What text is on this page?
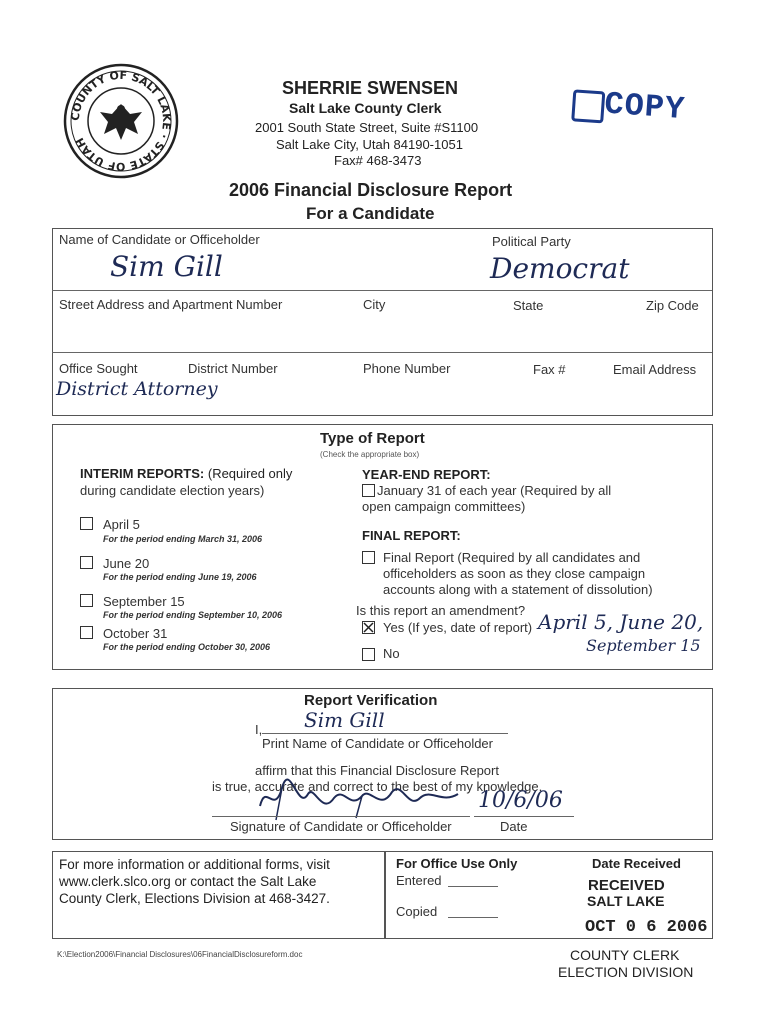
COUNTY OF SALT LAKE · STATE OF UTAH
SHERRIE SWENSEN
Salt Lake County Clerk
2001 South State Street, Suite #S1100
Salt Lake City, Utah 84190-1051
Fax# 468-3473
COPY
2006 Financial Disclosure Report
For a Candidate
Name of Candidate or Officeholder
Sim Gill
Political Party
Democrat
Street Address and Apartment Number	City	State	Zip Code
Office Sought	District Number	Phone Number	Fax #	Email Address
District Attorney
Type of Report
(Check the appropriate box)
INTERIM REPORTS: (Required only
during candidate election years)
April 5
For the period ending March 31, 2006
June 20
For the period ending June 19, 2006
September 15
For the period ending September 10, 2006
October 31
For the period ending October 30, 2006
YEAR-END REPORT:
January 31 of each year (Required by all
open campaign committees)
FINAL REPORT:
Final Report (Required by all candidates and
officeholders as soon as they close campaign
accounts along with a statement of dissolution)
Is this report an amendment?
Yes (If yes, date of report) April 5, June 20,
September 15
No
Report Verification
I, Sim Gill
Print Name of Candidate or Officeholder
affirm that this Financial Disclosure Report
is true, accurate and correct to the best of my knowledge.
10/6/06
Signature of Candidate or Officeholder	Date
For more information or additional forms, visit
www.clerk.slco.org or contact the Salt Lake
County Clerk, Elections Division at 468-3427.
For Office Use Only
Entered
Copied
Date Received
RECEIVED
SALT LAKE
OCT 0 6 2006
COUNTY CLERK
ELECTION DIVISION
K:\Election2006\Financial Disclosures\06FinancialDisclosureform.doc
